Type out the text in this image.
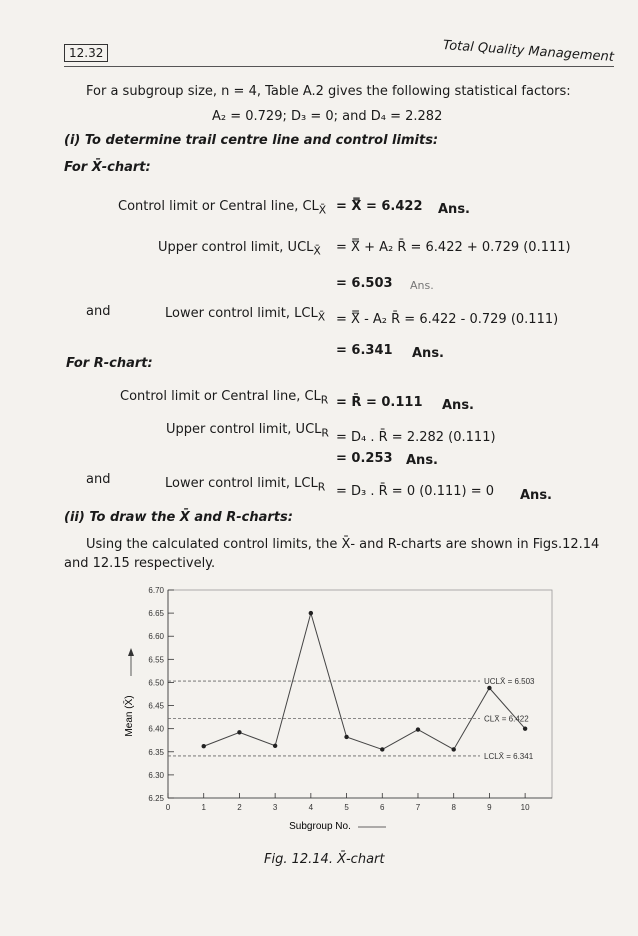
12.32	Total Quality Management
For a subgroup size, n = 4, Table A.2 gives the following statistical factors:
A₂ = 0.729; D₃ = 0; and D₄ = 2.282
(i) To determine trail centre line and control limits:
For X̄-chart:
Control limit or Central line, $CL_{X̄}$ = X̿ = 6.422 Ans.
Upper control limit, $UCL_{X̄}$ = X̿ + A₂ R̄ = 6.422 + 0.729 (0.111)
= 6.503 Ans.
and	Lower control limit, $LCL_{X̄}$ = X̿ - A₂ R̄ = 6.422 - 0.729 (0.111)
= 6.341 Ans.
For R-chart:
Control limit or Central line, $CL_R$ = R̄ = 0.111 Ans.
Upper control limit, $UCL_R = D_4$ . R̄ = 2.282 (0.111)
= 0.253 Ans.
and	Lower control limit, $LCL_R = D_3$ . R̄ = 0 (0.111) = 0 Ans.
(ii) To draw the X̄ and R-charts:
Using the calculated control limits, the X̄- and R-charts are shown in Figs.12.14
and 12.15 respectively.
6.25
6.30
6.35
6.40
6.45
6.50
6.55
6.60
6.65
6.70
0	1	2	3	4	5	6	7	8	9	10
UCLX̄ = 6.503
CLX̄ = 6.422
LCLX̄ = 6.341
Mean (X̄)
Subgroup No.
Fig. 12.14. X̄-chart
